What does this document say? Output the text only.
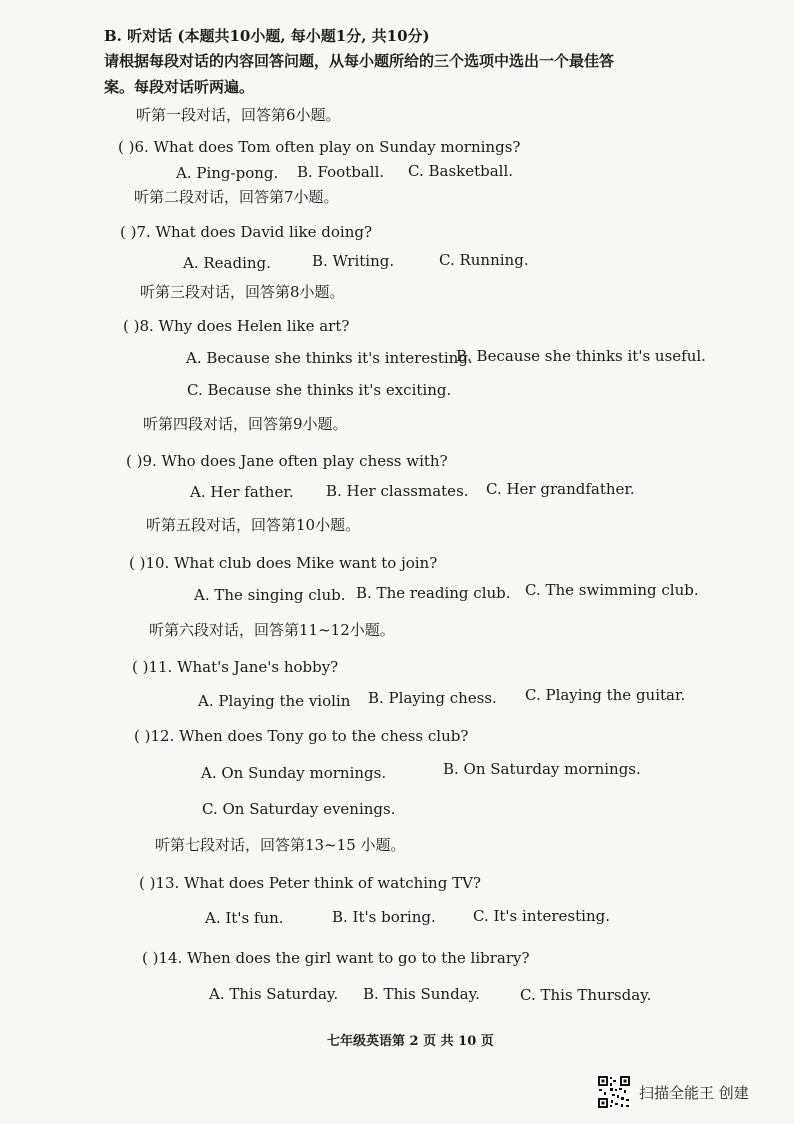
B. 听对话 (本题共10小题, 每小题1分, 共10分)
请根据每段对话的内容回答问题，从每小题所给的三个选项中选出一个最佳答
案。每段对话听两遍。
听第一段对话，回答第6小题。
( )6. What does Tom often play on Sunday mornings?
A. Ping-pong. B. Football. C. Basketball.
听第二段对话，回答第7小题。
( )7. What does David like doing?
A. Reading.	B. Writing.	C. Running.
听第三段对话，回答第8小题。
( )8. Why does Helen like art?
A. Because she thinks it's interesting.
B. Because she thinks it's useful.
C. Because she thinks it's exciting.
听第四段对话，回答第9小题。
( )9. Who does Jane often play chess with?
A. Her father. B. Her classmates. C. Her grandfather.
听第五段对话，回答第10小题。
( )10. What club does Mike want to join?
A. The singing club. B. The reading club. C. The swimming club.
听第六段对话，回答第11~12小题。
( )11. What's Jane's hobby?
A. Playing the violin B. Playing chess. C. Playing the guitar.
( )12. When does Tony go to the chess club?
A. On Sunday mornings.	B. On Saturday mornings.
C. On Saturday evenings.
听第七段对话，回答第13~15 小题。
( )13. What does Peter think of watching TV?
A. It's fun.	B. It's boring. C. It's interesting.
( )14. When does the girl want to go to the library?
A. This Saturday. B. This Sunday.	C. This Thursday.
七年级英语第 2 页 共 10 页
扫描全能王 创建
